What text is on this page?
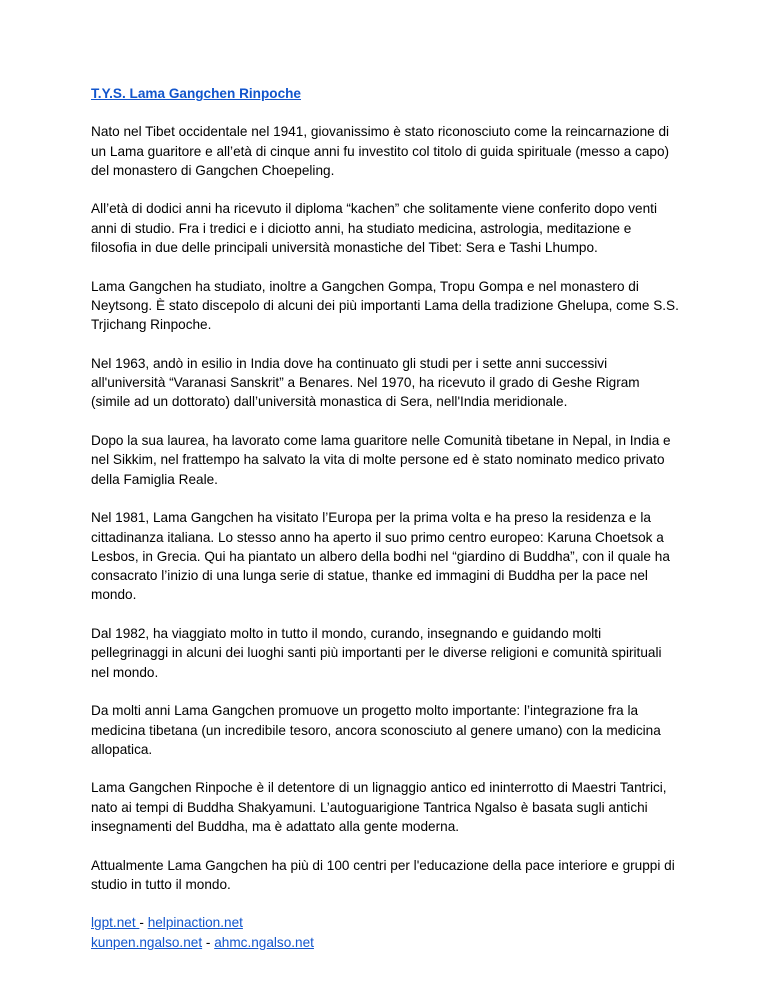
T.Y.S. Lama Gangchen Rinpoche

Nato nel Tibet occidentale nel 1941, giovanissimo è stato riconosciuto come la reincarnazione di un Lama guaritore e all’età di cinque anni fu investito col titolo di guida spirituale (messo a capo) del monastero di Gangchen Choepeling.

All’età di dodici anni ha ricevuto il diploma “kachen” che solitamente viene conferito dopo venti anni di studio. Fra i tredici e i diciotto anni, ha studiato medicina, astrologia, meditazione e filosofia in due delle principali università monastiche del Tibet: Sera e Tashi Lhumpo.

Lama Gangchen ha studiato, inoltre a Gangchen Gompa, Tropu Gompa e nel monastero di Neytsong. È stato discepolo di alcuni dei più importanti Lama della tradizione Ghelupa, come S.S. Trjichang Rinpoche.

Nel 1963, andò in esilio in India dove ha continuato gli studi per i sette anni successivi all'università “Varanasi Sanskrit” a Benares. Nel 1970, ha ricevuto il grado di Geshe Rigram (simile ad un dottorato) dall’università monastica di Sera, nell'India meridionale.

Dopo la sua laurea, ha lavorato come lama guaritore nelle Comunità tibetane in Nepal, in India e nel Sikkim, nel frattempo ha salvato la vita di molte persone ed è stato nominato medico privato della Famiglia Reale.

Nel 1981, Lama Gangchen ha visitato l’Europa per la prima volta e ha preso la residenza e la cittadinanza italiana. Lo stesso anno ha aperto il suo primo centro europeo: Karuna Choetsok a Lesbos, in Grecia. Qui ha piantato un albero della bodhi nel “giardino di Buddha”, con il quale ha consacrato l’inizio di una lunga serie di statue, thanke ed immagini di Buddha per la pace nel mondo.

Dal 1982, ha viaggiato molto in tutto il mondo, curando, insegnando e guidando molti pellegrinaggi in alcuni dei luoghi santi più importanti per le diverse religioni e comunità spirituali nel mondo.

Da molti anni Lama Gangchen promuove un progetto molto importante: l’integrazione fra la medicina tibetana (un incredibile tesoro, ancora sconosciuto al genere umano) con la medicina allopatica.

Lama Gangchen Rinpoche è il detentore di un lignaggio antico ed ininterrotto di Maestri Tantrici, nato ai tempi di Buddha Shakyamuni. L’autoguarigione Tantrica Ngalso è basata sugli antichi insegnamenti del Buddha, ma è adattato alla gente moderna.

Attualmente Lama Gangchen ha più di 100 centri per l'educazione della pace interiore e gruppi di studio in tutto il mondo.

lgpt.net - helpinaction.net
kunpen.ngalso.net - ahmc.ngalso.net
